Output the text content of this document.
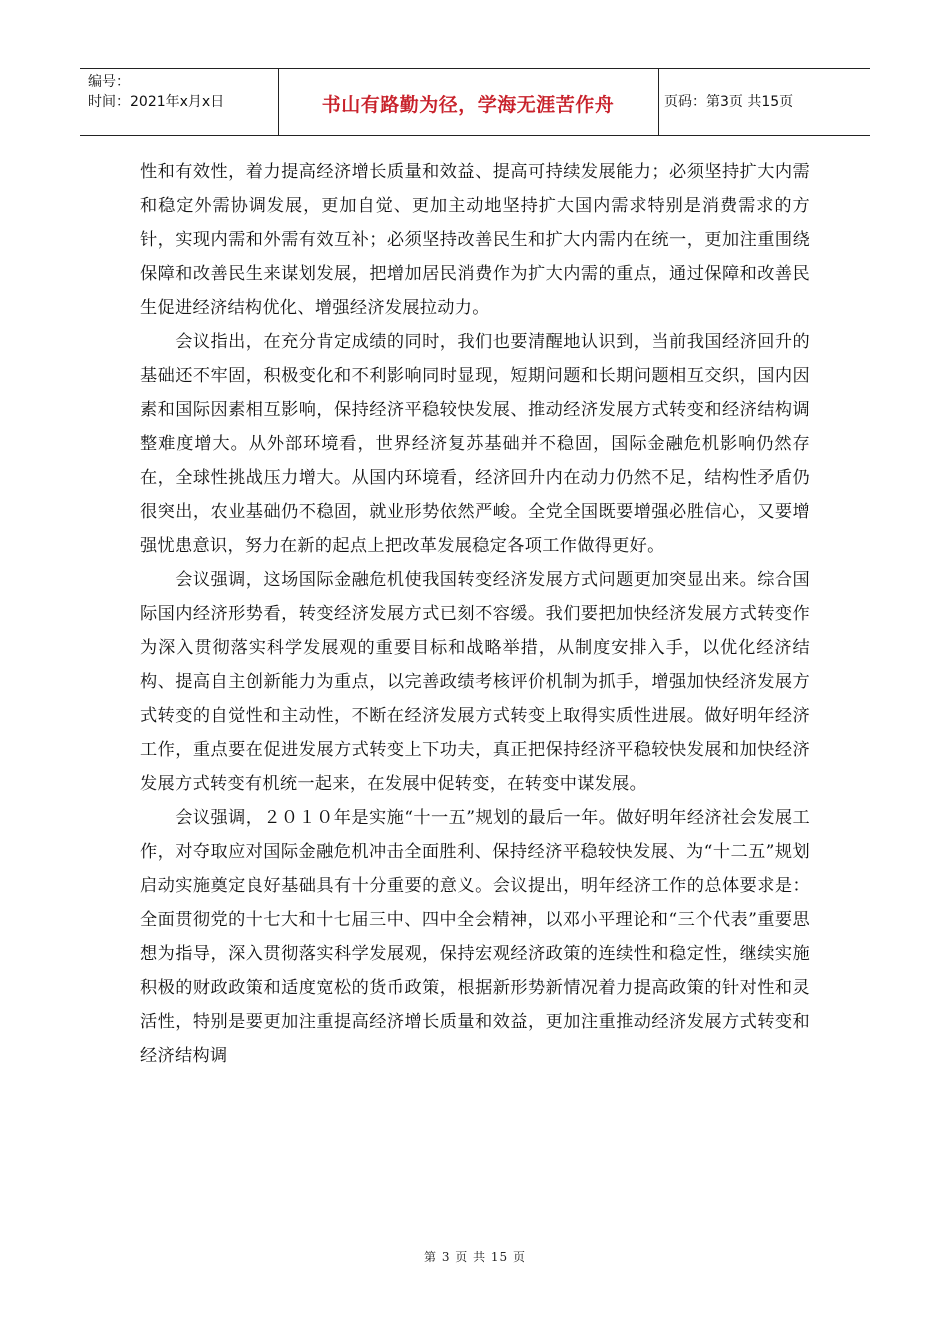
编号：
时间：2021年x月x日	书山有路勤为径，学海无涯苦作舟	页码：第3页 共15页

性和有效性，着力提高经济增长质量和效益、提高可持续发展能力；必须坚持扩大内需和稳定外需协调发展，更加自觉、更加主动地坚持扩大国内需求特别是消费需求的方针，实现内需和外需有效互补；必须坚持改善民生和扩大内需内在统一，更加注重围绕保障和改善民生来谋划发展，把增加居民消费作为扩大内需的重点，通过保障和改善民生促进经济结构优化、增强经济发展拉动力。

会议指出，在充分肯定成绩的同时，我们也要清醒地认识到，当前我国经济回升的基础还不牢固，积极变化和不利影响同时显现，短期问题和长期问题相互交织，国内因素和国际因素相互影响，保持经济平稳较快发展、推动经济发展方式转变和经济结构调整难度增大。从外部环境看，世界经济复苏基础并不稳固，国际金融危机影响仍然存在，全球性挑战压力增大。从国内环境看，经济回升内在动力仍然不足，结构性矛盾仍很突出，农业基础仍不稳固，就业形势依然严峻。全党全国既要增强必胜信心，又要增强忧患意识，努力在新的起点上把改革发展稳定各项工作做得更好。

会议强调，这场国际金融危机使我国转变经济发展方式问题更加突显出来。综合国际国内经济形势看，转变经济发展方式已刻不容缓。我们要把加快经济发展方式转变作为深入贯彻落实科学发展观的重要目标和战略举措，从制度安排入手，以优化经济结构、提高自主创新能力为重点，以完善政绩考核评价机制为抓手，增强加快经济发展方式转变的自觉性和主动性，不断在经济发展方式转变上取得实质性进展。做好明年经济工作，重点要在促进发展方式转变上下功夫，真正把保持经济平稳较快发展和加快经济发展方式转变有机统一起来，在发展中促转变，在转变中谋发展。

会议强调，２０１０年是实施“十一五”规划的最后一年。做好明年经济社会发展工作，对夺取应对国际金融危机冲击全面胜利、保持经济平稳较快发展、为“十二五”规划启动实施奠定良好基础具有十分重要的意义。会议提出，明年经济工作的总体要求是：全面贯彻党的十七大和十七届三中、四中全会精神，以邓小平理论和“三个代表”重要思想为指导，深入贯彻落实科学发展观，保持宏观经济政策的连续性和稳定性，继续实施积极的财政政策和适度宽松的货币政策，根据新形势新情况着力提高政策的针对性和灵活性，特别是要更加注重提高经济增长质量和效益，更加注重推动经济发展方式转变和经济结构调

第 3 页 共 15 页
